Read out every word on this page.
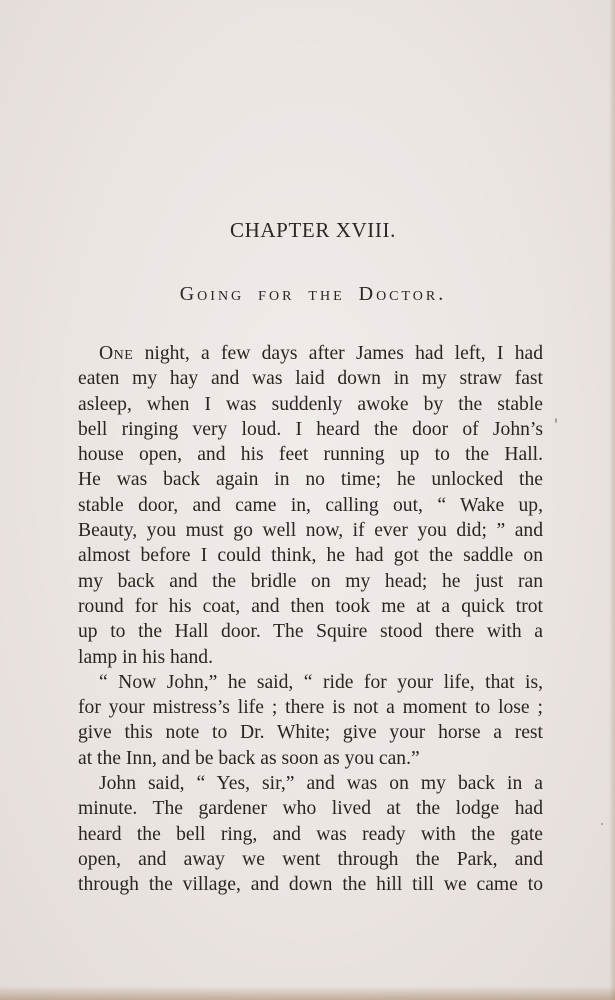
CHAPTER XVIII.
Going for the Doctor.
One night, a few days after James had left, I had
eaten my hay and was laid down in my straw fast
asleep, when I was suddenly awoke by the stable
bell ringing very loud. I heard the door of John’s
house open, and his feet running up to the Hall.
He was back again in no time; he unlocked the
stable door, and came in, calling out, “ Wake up,
Beauty, you must go well now, if ever you did; ” and
almost before I could think, he had got the saddle on
my back and the bridle on my head; he just ran
round for his coat, and then took me at a quick trot
up to the Hall door. The Squire stood there with a
lamp in his hand.
“ Now John,” he said, “ ride for your life, that is,
for your mistress’s life ; there is not a moment to lose ;
give this note to Dr. White; give your horse a rest
at the Inn, and be back as soon as you can.”
John said, “ Yes, sir,” and was on my back in a
minute. The gardener who lived at the lodge had
heard the bell ring, and was ready with the gate
open, and away we went through the Park, and
through the village, and down the hill till we came to
